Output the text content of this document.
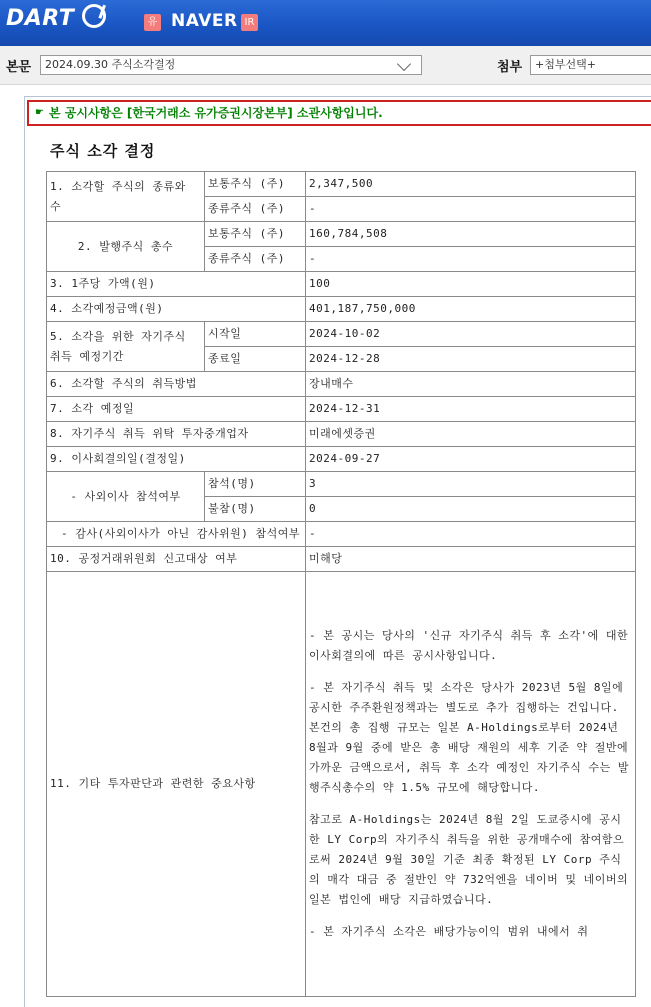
DART	유 NAVER IR
본문	2024.09.30 주식소각결정	첨부	+첨부선택+
☛ 본 공시사항은 [한국거래소 유가증권시장본부] 소관사항입니다.
주식 소각 결정
1. 소각할 주식의 종류와 수	보통주식 (주)	2,347,500
	종류주식 (주)	-
2. 발행주식 총수	보통주식 (주)	160,784,508
	종류주식 (주)	-
3. 1주당 가액(원)		100
4. 소각예정금액(원)		401,187,750,000
5. 소각을 위한 자기주식 취득 예정기간	시작일	2024-10-02
	종료일	2024-12-28
6. 소각할 주식의 취득방법		장내매수
7. 소각 예정일		2024-12-31
8. 자기주식 취득 위탁 투자중개업자		미래에셋증권
9. 이사회결의일(결정일)		2024-09-27
- 사외이사 참석여부	참석(명)	3
	불참(명)	0
- 감사(사외이사가 아닌 감사위원) 참석여부		-
10. 공정거래위원회 신고대상 여부		미해당
11. 기타 투자판단과 관련한 중요사항		- 본 공시는 당사의 '신규 자기주식 취득 후 소각'에 대한 이사회결의에 따른 공시사항입니다.

- 본 자기주식 취득 및 소각은 당사가 2023년 5월 8일에 공시한 주주환원정책과는 별도로 추가 집행하는 건입니다. 본건의 총 집행 규모는 일본 A-Holdings로부터 2024년 8월과 9월 중에 받은 총 배당 재원의 세후 기준 약 절반에 가까운 금액으로서, 취득 후 소각 예정인 자기주식 수는 발행주식총수의 약 1.5% 규모에 해당합니다.

참고로 A-Holdings는 2024년 8월 2일 도쿄증시에 공시한 LY Corp의 자기주식 취득을 위한 공개매수에 참여함으로써 2024년 9월 30일 기준 최종 확정된 LY Corp 주식의 매각 대금 중 절반인 약 732억엔을 네이버 및 네이버의 일본 법인에 배당 지급하였습니다.

- 본 자기주식 소각은 배당가능이익 범위 내에서 취
